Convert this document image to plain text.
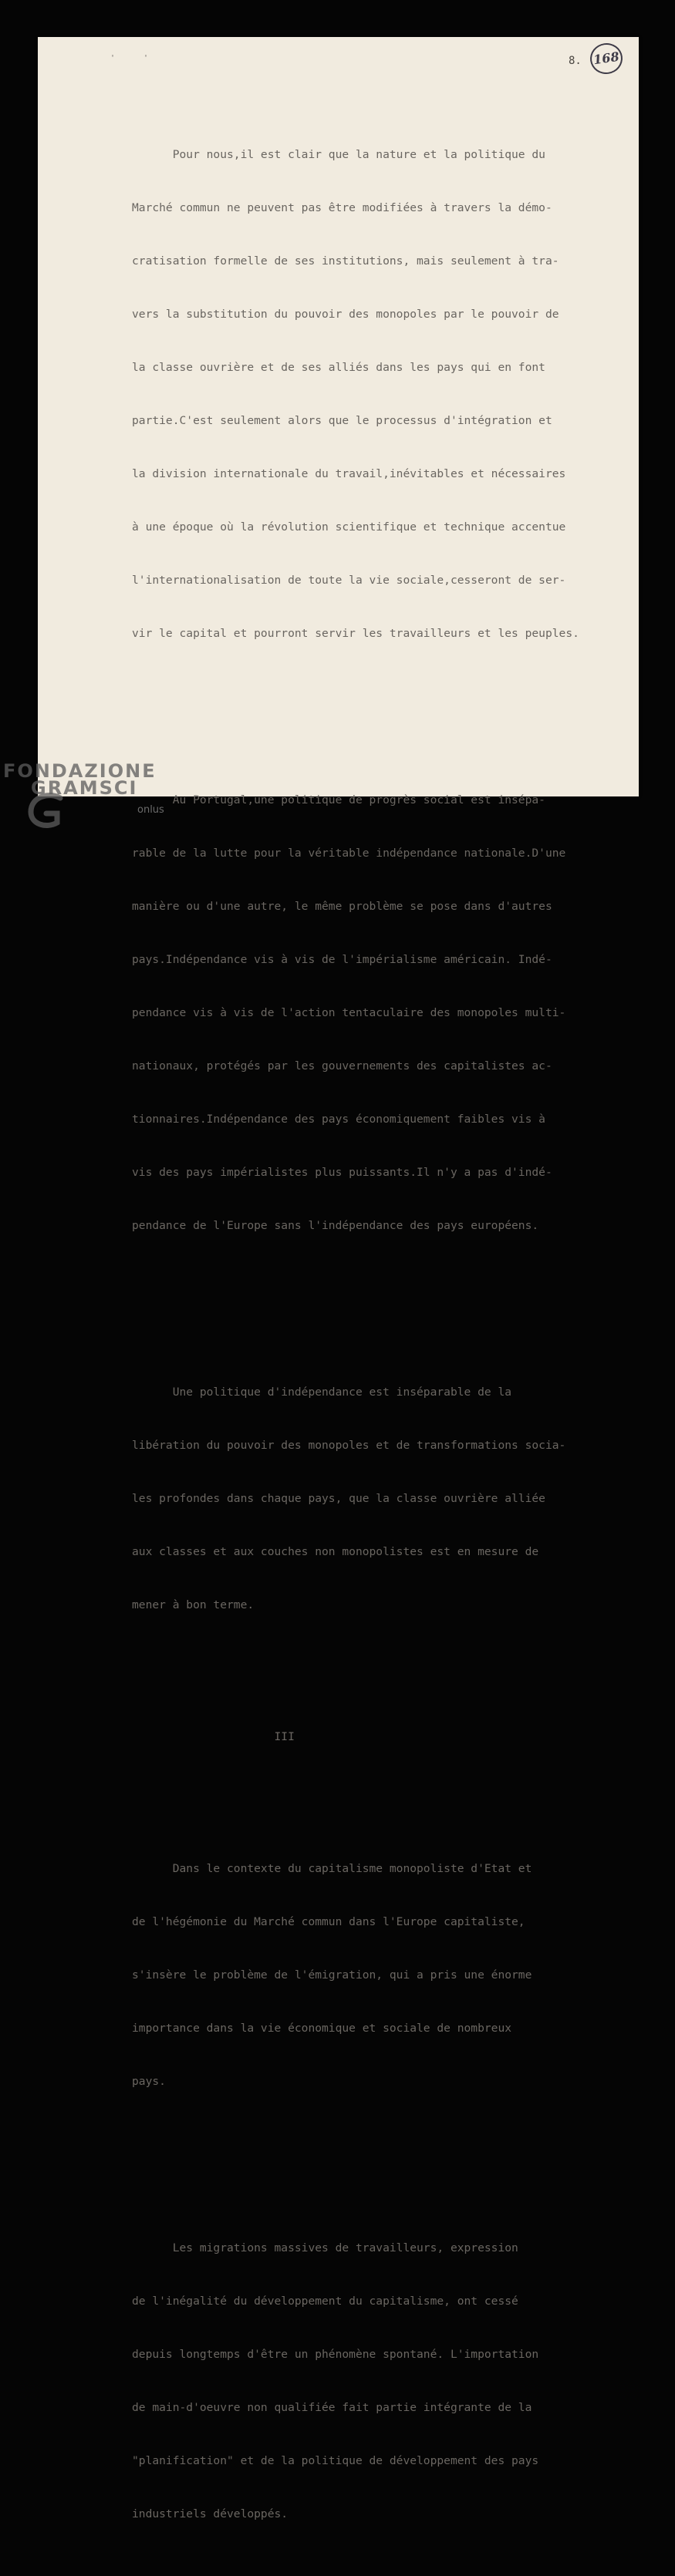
'	'	8. 168

Pour nous,il est clair que la nature et la politique du

Marché commun ne peuvent pas être modifiées à travers la démo-

cratisation formelle de ses institutions, mais seulement à tra-

vers la substitution du pouvoir des monopoles par le pouvoir de

la classe ouvrière et de ses alliés dans les pays qui en font

partie.C'est seulement alors que le processus d'intégration et

la division internationale du travail,inévitables et nécessaires

à une époque où la révolution scientifique et technique accentue

l'internationalisation de toute la vie sociale,cesseront de ser-

vir le capital et pourront servir les travailleurs et les peuples.

Au Portugal,une politique de progrès social est insépa-

rable de la lutte pour la véritable indépendance nationale.D'une

manière ou d'une autre, le même problème se pose dans d'autres

pays.Indépendance vis à vis de l'impérialisme américain. Indé-

pendance vis à vis de l'action tentaculaire des monopoles multi-

nationaux, protégés par les gouvernements des capitalistes ac-

tionnaires.Indépendance des pays économiquement faibles vis à

vis des pays impérialistes plus puissants.Il n'y a pas d'indé-

pendance de l'Europe sans l'indépendance des pays européens.

Une politique d'indépendance est inséparable de la

libération du pouvoir des monopoles et de transformations socia-

les profondes dans chaque pays, que la classe ouvrière alliée

aux classes et aux couches non monopolistes est en mesure de

mener à bon terme.

III

Dans le contexte du capitalisme monopoliste d'Etat et

de l'hégémonie du Marché commun dans l'Europe capitaliste,

s'insère le problème de l'émigration, qui a pris une énorme

importance dans la vie économique et sociale de nombreux

pays.

Les migrations massives de travailleurs, expression

de l'inégalité du développement du capitalisme, ont cessé

depuis longtemps d'être un phénomène spontané. L'importation

de main-d'oeuvre non qualifiée fait partie intégrante de la

"planification" et de la politique de développement des pays

industriels développés.

FONDAZIONE
GRAMSCI
onlus
